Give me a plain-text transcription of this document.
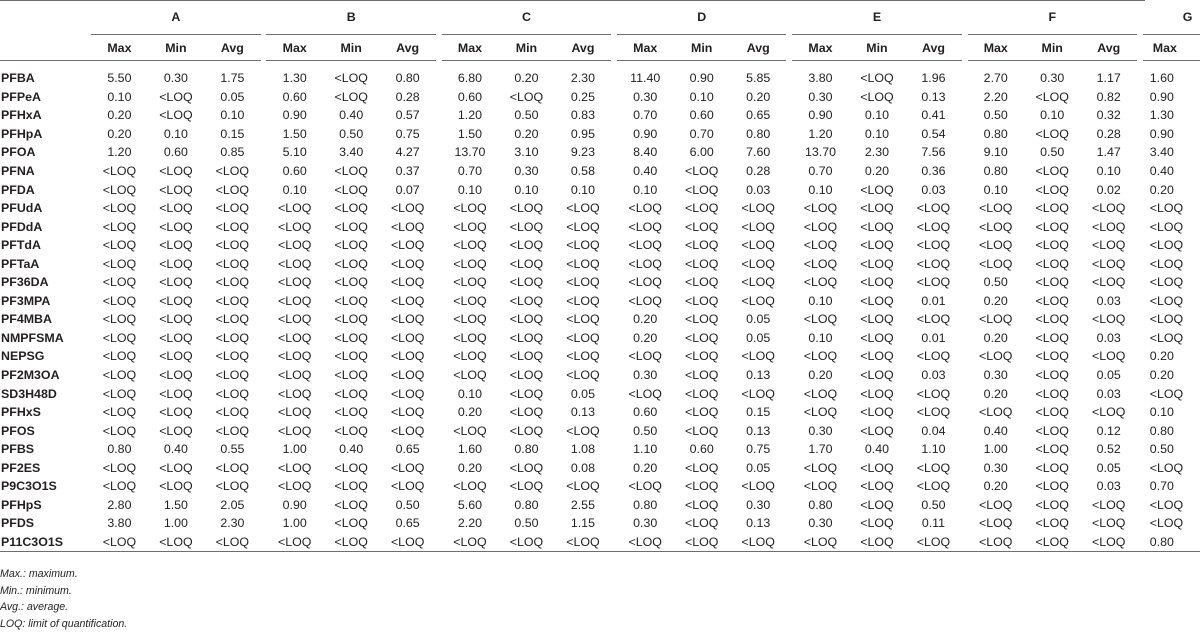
	A				B				C				D				E				F				G
	Max	Min	Avg		Max	Min	Avg		Max	Min	Avg		Max	Min	Avg		Max	Min	Avg		Max	Min	Avg		Max

PFBA	5.50	0.30	1.75		1.30	<LOQ	0.80		6.80	0.20	2.30		11.40	0.90	5.85		3.80	<LOQ	1.96		2.70	0.30	1.17		1.60
PFPeA	0.10	<LOQ	0.05		0.60	<LOQ	0.28		0.60	<LOQ	0.25		0.30	0.10	0.20		0.30	<LOQ	0.13		2.20	<LOQ	0.82		0.90
PFHxA	0.20	<LOQ	0.10		0.90	0.40	0.57		1.20	0.50	0.83		0.70	0.60	0.65		0.90	0.10	0.41		0.50	0.10	0.32		1.30
PFHpA	0.20	0.10	0.15		1.50	0.50	0.75		1.50	0.20	0.95		0.90	0.70	0.80		1.20	0.10	0.54		0.80	<LOQ	0.28		0.90
PFOA	1.20	0.60	0.85		5.10	3.40	4.27		13.70	3.10	9.23		8.40	6.00	7.60		13.70	2.30	7.56		9.10	0.50	1.47		3.40
PFNA	<LOQ	<LOQ	<LOQ		0.60	<LOQ	0.37		0.70	0.30	0.58		0.40	<LOQ	0.28		0.70	0.20	0.36		0.80	<LOQ	0.10		0.40
PFDA	<LOQ	<LOQ	<LOQ		0.10	<LOQ	0.07		0.10	0.10	0.10		0.10	<LOQ	0.03		0.10	<LOQ	0.03		0.10	<LOQ	0.02		0.20
PFUdA	<LOQ	<LOQ	<LOQ		<LOQ	<LOQ	<LOQ		<LOQ	<LOQ	<LOQ		<LOQ	<LOQ	<LOQ		<LOQ	<LOQ	<LOQ		<LOQ	<LOQ	<LOQ		<LOQ
PFDdA	<LOQ	<LOQ	<LOQ		<LOQ	<LOQ	<LOQ		<LOQ	<LOQ	<LOQ		<LOQ	<LOQ	<LOQ		<LOQ	<LOQ	<LOQ		<LOQ	<LOQ	<LOQ		<LOQ
PFTdA	<LOQ	<LOQ	<LOQ		<LOQ	<LOQ	<LOQ		<LOQ	<LOQ	<LOQ		<LOQ	<LOQ	<LOQ		<LOQ	<LOQ	<LOQ		<LOQ	<LOQ	<LOQ		<LOQ
PFTaA	<LOQ	<LOQ	<LOQ		<LOQ	<LOQ	<LOQ		<LOQ	<LOQ	<LOQ		<LOQ	<LOQ	<LOQ		<LOQ	<LOQ	<LOQ		<LOQ	<LOQ	<LOQ		<LOQ
PF36DA	<LOQ	<LOQ	<LOQ		<LOQ	<LOQ	<LOQ		<LOQ	<LOQ	<LOQ		<LOQ	<LOQ	<LOQ		<LOQ	<LOQ	<LOQ		0.50	<LOQ	<LOQ		<LOQ
PF3MPA	<LOQ	<LOQ	<LOQ		<LOQ	<LOQ	<LOQ		<LOQ	<LOQ	<LOQ		<LOQ	<LOQ	<LOQ		0.10	<LOQ	0.01		0.20	<LOQ	0.03		<LOQ
PF4MBA	<LOQ	<LOQ	<LOQ		<LOQ	<LOQ	<LOQ		<LOQ	<LOQ	<LOQ		0.20	<LOQ	0.05		<LOQ	<LOQ	<LOQ		<LOQ	<LOQ	<LOQ		<LOQ
NMPFSMA	<LOQ	<LOQ	<LOQ		<LOQ	<LOQ	<LOQ		<LOQ	<LOQ	<LOQ		0.20	<LOQ	0.05		0.10	<LOQ	0.01		0.20	<LOQ	0.03		<LOQ
NEPSG	<LOQ	<LOQ	<LOQ		<LOQ	<LOQ	<LOQ		<LOQ	<LOQ	<LOQ		<LOQ	<LOQ	<LOQ		<LOQ	<LOQ	<LOQ		<LOQ	<LOQ	<LOQ		0.20
PF2M3OA	<LOQ	<LOQ	<LOQ		<LOQ	<LOQ	<LOQ		<LOQ	<LOQ	<LOQ		0.30	<LOQ	0.13		0.20	<LOQ	0.03		0.30	<LOQ	0.05		0.20
SD3H48D	<LOQ	<LOQ	<LOQ		<LOQ	<LOQ	<LOQ		0.10	<LOQ	0.05		<LOQ	<LOQ	<LOQ		<LOQ	<LOQ	<LOQ		0.20	<LOQ	0.03		<LOQ
PFHxS	<LOQ	<LOQ	<LOQ		<LOQ	<LOQ	<LOQ		0.20	<LOQ	0.13		0.60	<LOQ	0.15		<LOQ	<LOQ	<LOQ		<LOQ	<LOQ	<LOQ		0.10
PFOS	<LOQ	<LOQ	<LOQ		<LOQ	<LOQ	<LOQ		<LOQ	<LOQ	<LOQ		0.50	<LOQ	0.13		0.30	<LOQ	0.04		0.40	<LOQ	0.12		0.80
PFBS	0.80	0.40	0.55		1.00	0.40	0.65		1.60	0.80	1.08		1.10	0.60	0.75		1.70	0.40	1.10		1.00	<LOQ	0.52		0.50
PF2ES	<LOQ	<LOQ	<LOQ		<LOQ	<LOQ	<LOQ		0.20	<LOQ	0.08		0.20	<LOQ	0.05		<LOQ	<LOQ	<LOQ		0.30	<LOQ	0.05		<LOQ
P9C3O1S	<LOQ	<LOQ	<LOQ		<LOQ	<LOQ	<LOQ		<LOQ	<LOQ	<LOQ		<LOQ	<LOQ	<LOQ		<LOQ	<LOQ	<LOQ		0.20	<LOQ	0.03		0.70
PFHpS	2.80	1.50	2.05		0.90	<LOQ	0.50		5.60	0.80	2.55		0.80	<LOQ	0.30		0.80	<LOQ	0.50		<LOQ	<LOQ	<LOQ		<LOQ
PFDS	3.80	1.00	2.30		1.00	<LOQ	0.65		2.20	0.50	1.15		0.30	<LOQ	0.13		0.30	<LOQ	0.11		<LOQ	<LOQ	<LOQ		<LOQ
P11C3O1S	<LOQ	<LOQ	<LOQ		<LOQ	<LOQ	<LOQ		<LOQ	<LOQ	<LOQ		<LOQ	<LOQ	<LOQ		<LOQ	<LOQ	<LOQ		<LOQ	<LOQ	<LOQ		0.80
Max.: maximum.
Min.: minimum.
Avg.: average.
LOQ: limit of quantification.
